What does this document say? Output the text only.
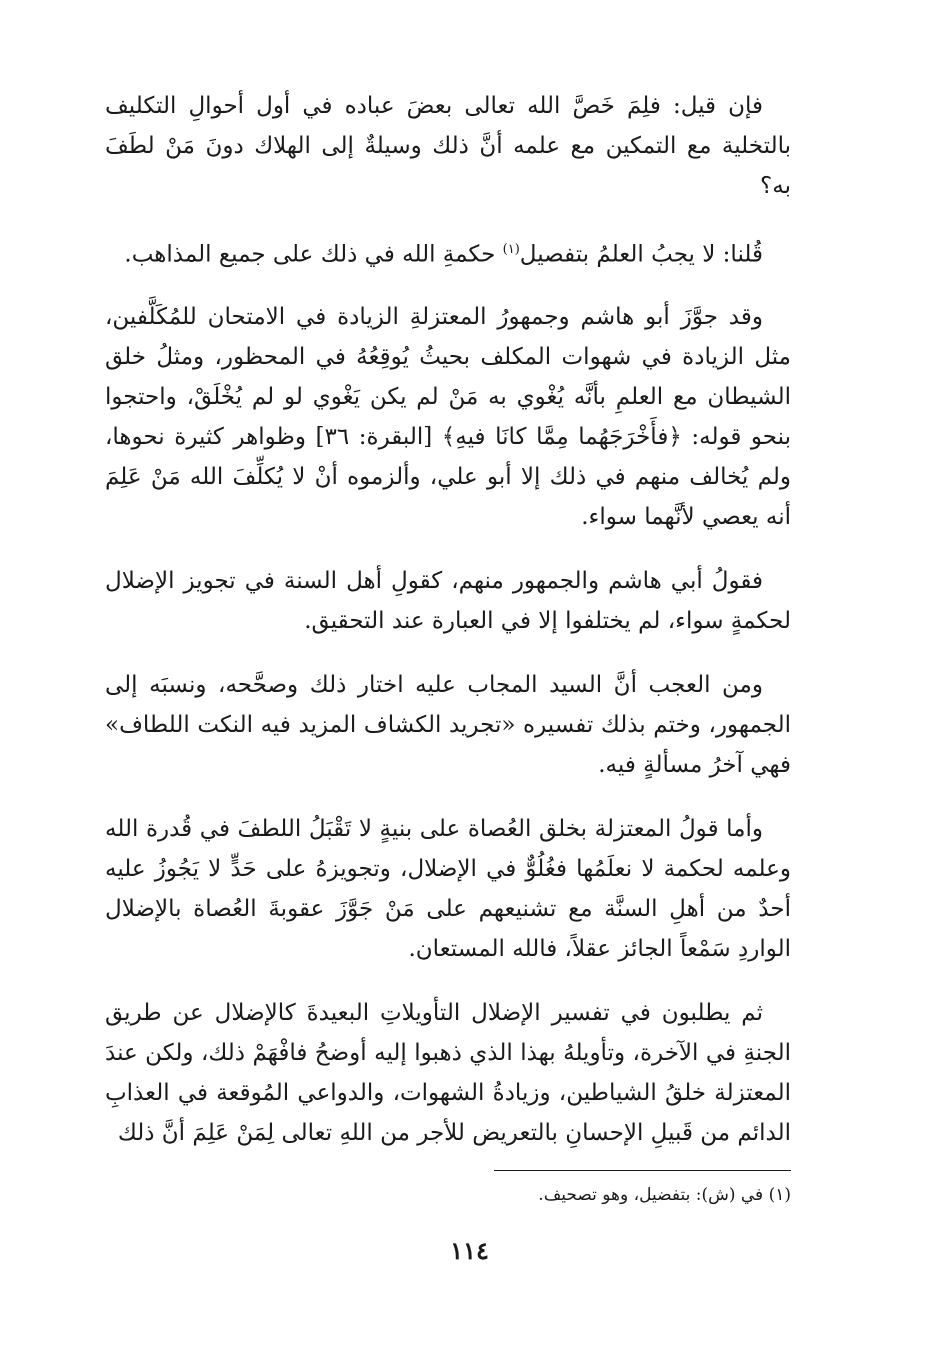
فإن قيل: فلِمَ خَصَّ الله تعالى بعضَ عباده في أول أحوالِ التكليف بالتخلية مع التمكين مع علمه أنَّ ذلك وسيلةٌ إلى الهلاك دونَ مَنْ لطَفَ به؟

قُلنا: لا يجبُ العلمُ بتفصيل$^{(١)}$ حكمةِ الله في ذلك على جميع المذاهب.

وقد جوَّزَ أبو هاشم وجمهورُ المعتزلةِ الزيادة في الامتحان للمُكَلَّفين، مثل الزيادة في شهوات المكلف بحيثُ يُوقِعُهُ في المحظور، ومثلُ خلق الشيطان مع العلمِ بأنَّه يُغْوي به مَنْ لم يكن يَغْوي لو لم يُخْلَقْ، واحتجوا بنحو قوله: ﴿فأَخْرَجَهُما مِمَّا كانَا فيهِ﴾ [البقرة: ٣٦] وظواهر كثيرة نحوها، ولم يُخالف منهم في ذلك إلا أبو علي، وألزموه أنْ لا يُكلِّفَ الله مَنْ عَلِمَ أنه يعصي لأنَّهما سواء.

فقولُ أبي هاشم والجمهور منهم، كقولِ أهل السنة في تجويز الإضلال لحكمةٍ سواء، لم يختلفوا إلا في العبارة عند التحقيق.

ومن العجب أنَّ السيد المجاب عليه اختار ذلك وصحَّحه، ونسبَه إلى الجمهور، وختم بذلك تفسيره «تجريد الكشاف المزيد فيه النكت اللطاف» فهي آخرُ مسألةٍ فيه.

وأما قولُ المعتزلة بخلق العُصاة على بنيةٍ لا تَقْبَلُ اللطفَ في قُدرة الله وعلمه لحكمة لا نعلَمُها فغُلُوٌّ في الإضلال، وتجويزهُ على حَدٍّ لا يَجُوزُ عليه أحدٌ من أهلِ السنَّة مع تشنيعهم على مَنْ جَوَّزَ عقوبةَ العُصاة بالإضلال الواردِ سَمْعاً الجائز عقلاً، فالله المستعان.

ثم يطلبون في تفسير الإضلال التأويلاتِ البعيدةَ كالإضلال عن طريق الجنةِ في الآخرة، وتأويلهُ بهذا الذي ذهبوا إليه أوضحُ فافْهَمْ ذلك، ولكن عندَ المعتزلة خلقُ الشياطين، وزيادةُ الشهوات، والدواعي المُوقعة في العذابِ الدائم من قَبيلِ الإحسانِ بالتعريض للأجر من اللهِ تعالى لِمَنْ عَلِمَ أنَّ ذلك

(١) في (ش): بتفضيل، وهو تصحيف.
١١٤
